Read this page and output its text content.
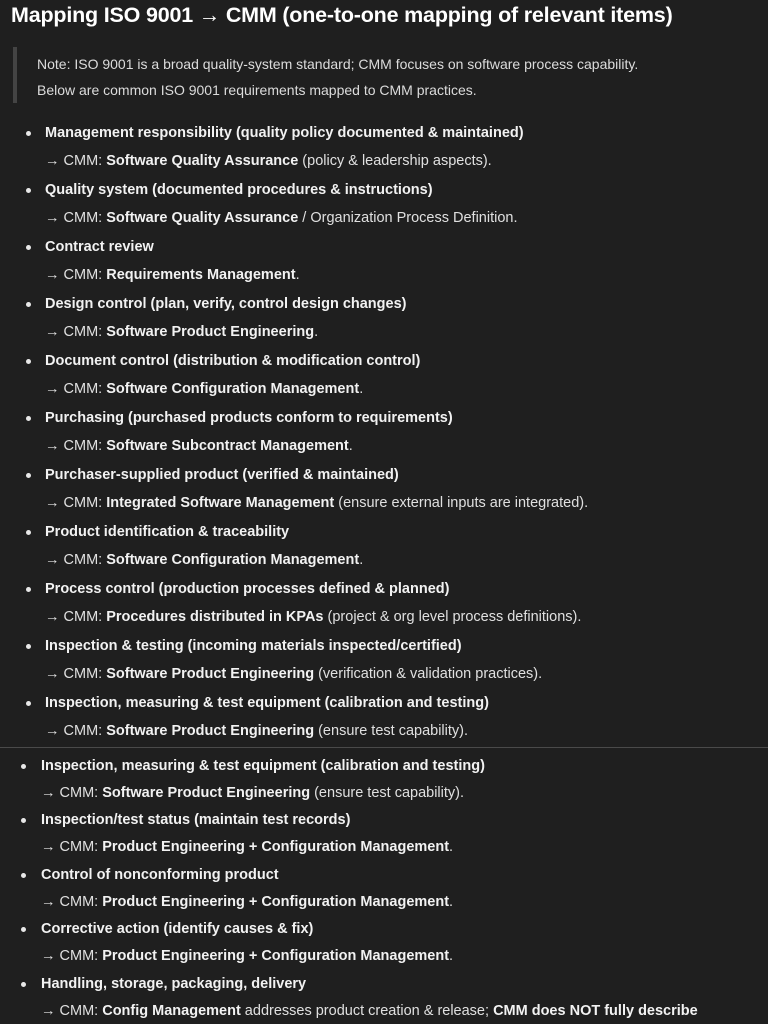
Mapping ISO 9001 → CMM (one-to-one mapping of relevant items)

Note: ISO 9001 is a broad quality-system standard; CMM focuses on software process capability.

Below are common ISO 9001 requirements mapped to CMM practices.

Management responsibility (quality policy documented & maintained)
→ CMM: Software Quality Assurance (policy & leadership aspects).
Quality system (documented procedures & instructions)
→ CMM: Software Quality Assurance / Organization Process Definition.
Contract review
→ CMM: Requirements Management.
Design control (plan, verify, control design changes)
→ CMM: Software Product Engineering.
Document control (distribution & modification control)
→ CMM: Software Configuration Management.
Purchasing (purchased products conform to requirements)
→ CMM: Software Subcontract Management.
Purchaser-supplied product (verified & maintained)
→ CMM: Integrated Software Management (ensure external inputs are integrated).
Product identification & traceability
→ CMM: Software Configuration Management.
Process control (production processes defined & planned)
→ CMM: Procedures distributed in KPAs (project & org level process definitions).
Inspection & testing (incoming materials inspected/certified)
→ CMM: Software Product Engineering (verification & validation practices).
Inspection, measuring & test equipment (calibration and testing)
→ CMM: Software Product Engineering (ensure test capability).
Inspection, measuring & test equipment (calibration and testing)
→ CMM: Software Product Engineering (ensure test capability).
Inspection/test status (maintain test records)
→ CMM: Product Engineering + Configuration Management.
Control of nonconforming product
→ CMM: Product Engineering + Configuration Management.
Corrective action (identify causes & fix)
→ CMM: Product Engineering + Configuration Management.
Handling, storage, packaging, delivery
→ CMM: Config Management addresses product creation & release; CMM does NOT fully describe
